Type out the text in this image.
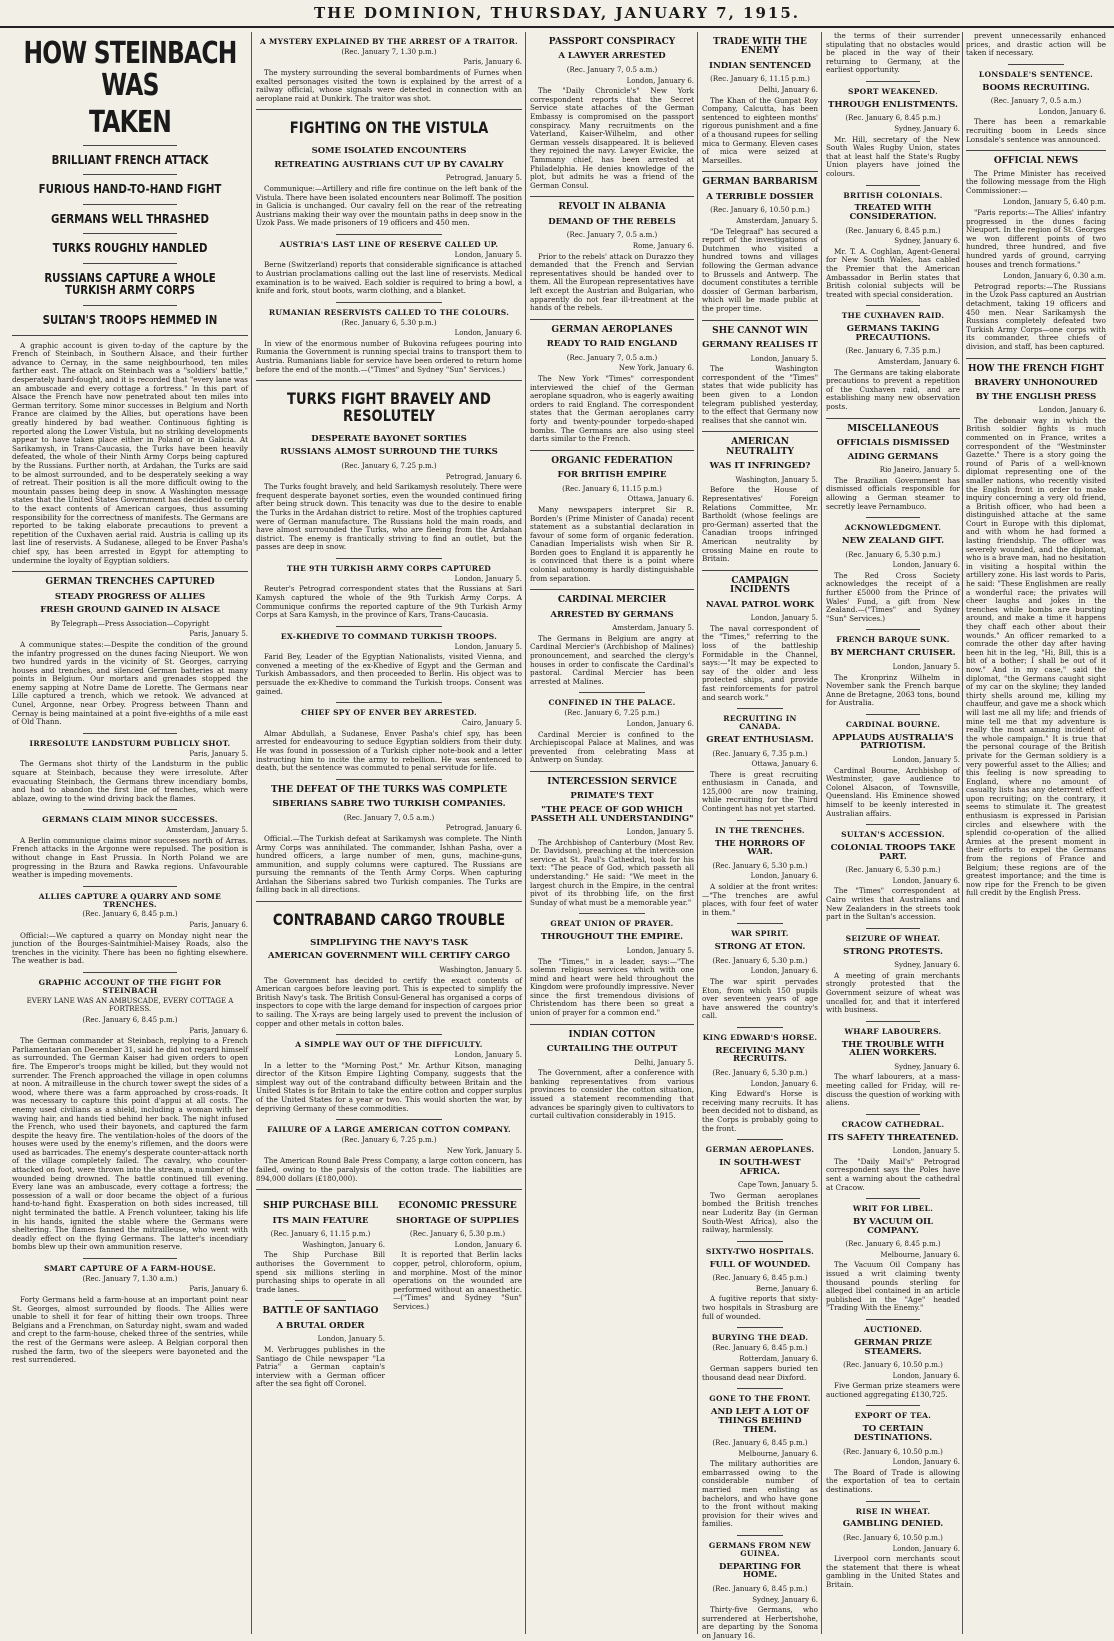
THE DOMINION, THURSDAY, JANUARY 7, 1915.
HOW STEINBACH WAS
TAKEN
BRILLIANT FRENCH ATTACK
FURIOUS HAND-TO-HAND FIGHT
GERMANS WELL THRASHED
TURKS ROUGHLY HANDLED
RUSSIANS CAPTURE A WHOLE TURKISH ARMY CORPS
SULTAN'S TROOPS HEMMED IN

A graphic account is given to-day of the capture by the French of Steinbach, in Southern Alsace, and their further advance to Cernay, in the same neighbourhood, ten miles farther east. The attack on Steinbach was a "soldiers' battle," desperately hard-fought, and it is recorded that "every lane was an ambuscade and every cottage a fortress." In this part of Alsace the French have now penetrated about ten miles into German territory. Some minor successes in Belgium and North France are claimed by the Allies, but operations have been greatly hindered by bad weather. Continuous fighting is reported along the Lower Vistula, but no striking developments appear to have taken place either in Poland or in Galicia. At Sarikamysh, in Trans-Caucasia, the Turks have been heavily defeated, the whole of their Ninth Army Corps being captured by the Russians. Further north, at Ardahan, the Turks are said to be almost surrounded, and to be desperately seeking a way of retreat. Their position is all the more difficult owing to the mountain passes being deep in snow. A Washington message states that the United States Government has decided to certify to the exact contents of American cargoes, thus assuming responsibility for the correctness of manifests. The Germans are reported to be taking elaborate precautions to prevent a repetition of the Cuxhaven aerial raid. Austria is calling up its last line of reservists. A Sudanese, alleged to be Enver Pasha's chief spy, has been arrested in Egypt for attempting to undermine the loyalty of Egyptian soldiers.

GERMAN TRENCHES CAPTURED
STEADY PROGRESS OF ALLIES
FRESH GROUND GAINED IN ALSACE
By Telegraph—Press Association—Copyright
Paris, January 5.

A communique states:—Despite the condition of the ground the infantry progressed on the dunes facing Nieuport. We won two hundred yards in the vicinity of St. Georges, carrying houses and trenches, and silenced German batteries at many points in Belgium. Our mortars and grenades stopped the enemy sapping at Notre Dame de Lorette. The Germans near Lille captured a trench, which we retook. We advanced at Cunel, Argonne, near Orbey. Progress between Thann and Cernay is being maintained at a point five-eighths of a mile east of Old Thann.

IRRESOLUTE LANDSTURM PUBLICLY SHOT.
Paris, January 5.

The Germans shot thirty of the Landsturm in the public square at Steinbach, because they were irresolute. After evacuating Steinbach, the Germans threw incendiary bombs, and had to abandon the first line of trenches, which were ablaze, owing to the wind driving back the flames.

GERMANS CLAIM MINOR SUCCESSES.
Amsterdam, January 5.

A Berlin communique claims minor successes north of Arras. French attacks in the Argonne were repulsed. The position is without change in East Prussia. In North Poland we are progressing in the Bzura and Rawka regions. Unfavourable weather is impeding movements.

ALLIES CAPTURE A QUARRY AND SOME TRENCHES.
(Rec. January 6, 8.45 p.m.)
Paris, January 6.

Official:—We captured a quarry on Monday night near the junction of the Bourges-Saintmihiel-Maisey Roads, also the trenches in the vicinity. There has been no fighting elsewhere. The weather is bad.

GRAPHIC ACCOUNT OF THE FIGHT FOR STEINBACH
EVERY LANE WAS AN AMBUSCADE, EVERY COTTAGE A FORTRESS.
(Rec. January 6, 8.45 p.m.)
Paris, January 6.

The German commander at Steinbach, replying to a French Parliamentarian on December 31, said he did not regard himself as surrounded. The German Kaiser had given orders to open fire. The Emperor's troops might be killed, but they would not surrender. The French approached the village in open columns at noon. A mitrailleuse in the church tower swept the sides of a wood, where there was a farm approached by cross-roads. It was necessary to capture this point d'appui at all costs. The enemy used civilians as a shield, including a woman with her waving hair, and hands tied behind her back. The night infused the French, who used their bayonets, and captured the farm despite the heavy fire. The ventilation-holes of the doors of the houses were used by the enemy's riflemen, and the doors were used as barricades. The enemy's desperate counter-attack north of the village completely failed. The cavalry, who counter-attacked on foot, were thrown into the stream, a number of the wounded being drowned. The battle continued till evening. Every lane was an ambuscade, every cottage a fortress; the possession of a wall or door became the object of a furious hand-to-hand fight. Exasperation on both sides increased, till night terminated the battle. A French volunteer, taking his life in his hands, ignited the stable where the Germans were sheltering. The flames fanned the mitrailleuse, who went with deadly effect on the flying Germans. The latter's incendiary bombs blew up their own ammunition reserve.

SMART CAPTURE OF A FARM-HOUSE.
(Rec. January 7, 1.30 a.m.)
Paris, January 6.

Forty Germans held a farm-house at an important point near St. Georges, almost surrounded by floods. The Allies were unable to shell it for fear of hitting their own troops. Three Belgians and a Frenchman, on Saturday night, swam and waded and crept to the farm-house, cheked three of the sentries, while the rest of the Germans were asleep. A Belgian corporal then rushed the farm, two of the sleepers were bayoneted and the rest surrendered.

A MYSTERY EXPLAINED BY THE ARREST OF A TRAITOR.
(Rec. January 7, 1.30 p.m.)
Paris, January 6.

The mystery surrounding the several bombardments of Furnes when exalted personages visited the town is explained by the arrest of a railway official, whose signals were detected in connection with an aeroplane raid at Dunkirk. The traitor was shot.

FIGHTING ON THE VISTULA
SOME ISOLATED ENCOUNTERS
RETREATING AUSTRIANS CUT UP BY CAVALRY
Petrograd, January 5.

Communique:—Artillery and rifle fire continue on the left bank of the Vistula. There have been isolated encounters near Bolimoff. The position in Galicia is unchanged. Our cavalry fell on the rear of the retreating Austrians making their way over the mountain paths in deep snow in the Uzok Pass. We made prisoners of 19 officers and 450 men.

AUSTRIA'S LAST LINE OF RESERVE CALLED UP.
London, January 5.

Berne (Switzerland) reports that considerable significance is attached to Austrian proclamations calling out the last line of reservists. Medical examination is to be waived. Each soldier is required to bring a bowl, a knife and fork, stout boots, warm clothing, and a blanket.

RUMANIAN RESERVISTS CALLED TO THE COLOURS.
(Rec. January 6, 5.30 p.m.)
London, January 6.

In view of the enormous number of Bukovina refugees pouring into Rumania the Government is running special trains to transport them to Austria. Rumanians liable for service have been ordered to return home before the end of the month.—("Times" and Sydney "Sun" Services.)

TURKS FIGHT BRAVELY AND RESOLUTELY
DESPERATE BAYONET SORTIES
RUSSIANS ALMOST SURROUND THE TURKS
(Rec. January 6, 7.25 p.m.)
Petrograd, January 6.

The Turks fought bravely, and held Sarikamysh resolutely. There were frequent desperate bayonet sorties, even the wounded continued firing after being struck down. This tenacity was due to the desire to enable the Turks in the Ardahan district to retire. Most of the trophies captured were of German manufacture. The Russians hold the main roads, and have almost surrounded the Turks, who are fleeing from the Ardahan district. The enemy is frantically striving to find an outlet, but the passes are deep in snow.

THE 9TH TURKISH ARMY CORPS CAPTURED
London, January 5.

Reuter's Petrograd correspondent states that the Russians at Sari Kamysh captured the whole of the 9th Turkish Army Corps. A Communique confirms the reported capture of the 9th Turkish Army Corps at Sara Kamysh, in the province of Kars, Trans-Caucasia.

EX-KHEDIVE TO COMMAND TURKISH TROOPS.
London, January 5.

Farid Bey, Leader of the Egyptian Nationalists, visited Vienna, and convened a meeting of the ex-Khedive of Egypt and the German and Turkish Ambassadors, and then proceeded to Berlin. His object was to persuade the ex-Khedive to command the Turkish troops. Consent was gained.

CHIEF SPY OF ENVER BEY ARRESTED.
Cairo, January 5.

Almar Abdullah, a Sudanese, Enver Pasha's chief spy, has been arrested for endeavouring to seduce Egyptian soldiers from their duty. He was found in possession of a Turkish cipher note-book and a letter instructing him to incite the army to rebellion. He was sentenced to death, but the sentence was commuted to penal servitude for life.

THE DEFEAT OF THE TURKS WAS COMPLETE
SIBERIANS SABRE TWO TURKISH COMPANIES.
(Rec. January 7, 0.5 a.m.)
Petrograd, January 6.

Official.—The Turkish defeat at Sarikamysh was complete. The Ninth Army Corps was annihilated. The commander, Ishhan Pasha, over a hundred officers, a large number of men, guns, machine-guns, ammunition, and supply columns were captured. The Russians are pursuing the remnants of the Tenth Army Corps. When capturing Ardahan the Siberians sabred two Turkish companies. The Turks are falling back in all directions.

CONTRABAND CARGO TROUBLE
SIMPLIFYING THE NAVY'S TASK
AMERICAN GOVERNMENT WILL CERTIFY CARGO
Washington, January 5.

The Government has decided to certify the exact contents of American cargoes before leaving port. This is expected to simplify the British Navy's task. The British Consul-General has organised a corps of inspectors to cope with the large demand for inspection of cargoes prior to sailing. The X-rays are being largely used to prevent the inclusion of copper and other metals in cotton bales.

A SIMPLE WAY OUT OF THE DIFFICULTY.
London, January 5.

In a letter to the "Morning Post," Mr. Arthur Kitson, managing director of the Kitson Empire Lighting Company, suggests that the simplest way out of the contraband difficulty between Britain and the United States is for Britain to take the entire cotton and copper surplus of the United States for a year or two. This would shorten the war, by depriving Germany of these commodities.

FAILURE OF A LARGE AMERICAN COTTON COMPANY.
(Rec. January 6, 7.25 p.m.)
New York, January 5.

The American Round Bale Press Company, a large cotton concern, has failed, owing to the paralysis of the cotton trade. The liabilities are 894,000 dollars (£180,000).

SHIP PURCHASE BILL
ITS MAIN FEATURE
(Rec. January 6, 11.15 p.m.)
Washington, January 6.

The Ship Purchase Bill authorises the Government to spend six millions sterling in purchasing ships to operate in all trade lanes.

BATTLE OF SANTIAGO
A BRUTAL ORDER
London, January 5.

M. Verbrugges publishes in the Santiago de Chile newspaper "La Patria" a German captain's interview with a German officer after the sea fight off Coronel.

ECONOMIC PRESSURE
SHORTAGE OF SUPPLIES
(Rec. January 6, 5.30 p.m.)
London, January 6.

It is reported that Berlin lacks copper, petrol, chloroform, opium, and morphine. Most of the minor operations on the wounded are performed without an anaesthetic.—("Times" and Sydney "Sun" Services.)

PASSPORT CONSPIRACY
A LAWYER ARRESTED
(Rec. January 7, 0.5 a.m.)
London, January 6.

The "Daily Chronicle's" New York correspondent reports that the Secret Service state attaches of the German Embassy is compromised on the passport conspiracy. Many recruitments on the Vaterland, Kaiser-Wilhelm, and other German vessels disappeared. It is believed they rejoined the navy. Lawyer Ewicke, the Tammany chief, has been arrested at Philadelphia. He denies knowledge of the plot, but admits he was a friend of the German Consul.

REVOLT IN ALBANIA
DEMAND OF THE REBELS
(Rec. January 7, 0.5 a.m.)
Rome, January 6.

Prior to the rebels' attack on Durazzo they demanded that the French and Servian representatives should be handed over to them. All the European representatives have left except the Austrian and Bulgarian, who apparently do not fear ill-treatment at the hands of the rebels.

GERMAN AEROPLANES
READY TO RAID ENGLAND
(Rec. January 7, 0.5 a.m.)
New York, January 6.

The New York "Times" correspondent interviewed the chief of the German aeroplane squadron, who is eagerly awaiting orders to raid England. The correspondent states that the German aeroplanes carry forty and twenty-pounder torpedo-shaped bombs. The Germans are also using steel darts similar to the French.

ORGANIC FEDERATION
FOR BRITISH EMPIRE
(Rec. January 6, 11.15 p.m.)
Ottawa, January 6.

Many newspapers interpret Sir R. Borden's (Prime Minister of Canada) recent statement as a substantial declaration in favour of some form of organic federation. Canadian Imperialists wish when Sir R. Borden goes to England it is apparently he is convinced that there is a point where colonial autonomy is hardly distinguishable from separation.

CARDINAL MERCIER
ARRESTED BY GERMANS
Amsterdam, January 5.

The Germans in Belgium are angry at Cardinal Mercier's (Archbishop of Malines) pronouncement, and searched the clergy's houses in order to confiscate the Cardinal's pastoral. Cardinal Mercier has been arrested at Malines.

CONFINED IN THE PALACE.
(Rec. January 6, 7.25 p.m.)
London, January 6.

Cardinal Mercier is confined to the Archiepiscopal Palace at Malines, and was prevented from celebrating Mass at Antwerp on Sunday.

INTERCESSION SERVICE
PRIMATE'S TEXT
"THE PEACE OF GOD WHICH PASSETH ALL UNDERSTANDING"
London, January 5.

The Archbishop of Canterbury (Most Rev. Dr. Davidson), preaching at the intercession service at St. Paul's Cathedral, took for his text: "The peace of God, which passeth all understanding." He said: "We meet in the largest church in the Empire, in the central pivot of its throbbing life, on the first Sunday of what must be a memorable year."

GREAT UNION OF PRAYER.
THROUGHOUT THE EMPIRE.
London, January 5.

The "Times," in a leader, says:—"The solemn religious services which with one mind and heart were held throughout the Kingdom were profoundly impressive. Never since the first tremendous divisions of Christendom has there been so great a union of prayer for a common end."

INDIAN COTTON
CURTAILING THE OUTPUT
Delhi, January 5.

The Government, after a conference with banking representatives from various provinces to consider the cotton situation, issued a statement recommending that advances be sparingly given to cultivators to curtail cultivation considerably in 1915.

TRADE WITH THE ENEMY
INDIAN SENTENCED
(Rec. January 6, 11.15 p.m.)
Delhi, January 6.

The Khan of the Gunpat Roy Company, Calcutta, has been sentenced to eighteen months' rigorous punishment and a fine of a thousand rupees for selling mica to Germany. Eleven cases of mica were seized at Marseilles.

GERMAN BARBARISM
A TERRIBLE DOSSIER
(Rec. January 6, 10.50 p.m.)
Amsterdam, January 5.

"De Telegraaf" has secured a report of the investigations of Dutchmen who visited a hundred towns and villages following the German advance to Brussels and Antwerp. The document constitutes a terrible dossier of German barbarism, which will be made public at the proper time.

SHE CANNOT WIN
GERMANY REALISES IT
London, January 5.

The Washington correspondent of the "Times" states that wide publicity has been given to a London telegram published yesterday, to the effect that Germany now realises that she cannot win.

AMERICAN NEUTRALITY
WAS IT INFRINGED?
Washington, January 5.

Before the House of Representatives' Foreign Relations Committee, Mr. Bartholdt (whose feelings are pro-German) asserted that the Canadian troops infringed American neutrality by crossing Maine en route to Britain.

CAMPAIGN INCIDENTS
NAVAL PATROL WORK
London, January 5.

The naval correspondent of the "Times," referring to the loss of the battleship Formidable in the Channel, says:—"It may be expected to say of the older and less protected ships, and provide fast reinforcements for patrol and search work."

RECRUITING IN CANADA.
GREAT ENTHUSIASM.
(Rec. January 6, 7.35 p.m.)
Ottawa, January 6.

There is great recruiting enthusiasm in Canada, and 125,000 are now training, while recruiting for the Third Contingent has not yet started.

IN THE TRENCHES.
THE HORRORS OF WAR.
(Rec. January 6, 5.30 p.m.)
London, January 6.

A soldier at the front writes:—"The trenches are awful places, with four feet of water in them."

WAR SPIRIT.
STRONG AT ETON.
(Rec. January 6, 5.30 p.m.)
London, January 6.

The war spirit pervades Eton, from which 150 pupils over seventeen years of age have answered the country's call.

KING EDWARD'S HORSE.
RECEIVING MANY RECRUITS.
(Rec. January 6, 5.30 p.m.)
London, January 6.

King Edward's Horse is receiving many recruits. It has been decided not to disband, as the Corps is probably going to the front.

GERMAN AEROPLANES.
IN SOUTH-WEST AFRICA.
Cape Town, January 5.

Two German aeroplanes bombed the British trenches near Luderitz Bay (in German South-West Africa), also the railway, harmlessly.

SIXTY-TWO HOSPITALS.
FULL OF WOUNDED.
(Rec. January 6, 8.45 p.m.)
Berne, January 6.

A fugitive reports that sixty-two hospitals in Strasburg are full of wounded.

BURYING THE DEAD.
(Rec. January 6, 8.45 p.m.)
Rotterdam, January 6.

German sappers buried ten thousand dead near Dixford.

GONE TO THE FRONT.
AND LEFT A LOT OF THINGS BEHIND THEM.
(Rec. January 6, 8.45 p.m.)
Melbourne, January 6.

The military authorities are embarrassed owing to the considerable number of married men enlisting as bachelors, and who have gone to the front without making provision for their wives and families.

GERMANS FROM NEW GUINEA.
DEPARTING FOR HOME.
(Rec. January 6, 8.45 p.m.)
Sydney, January 6.

Thirty-five Germans, who surrendered at Herbertshohe, are departing by the Sonoma on January 16.

the terms of their surrender stipulating that no obstacles would be placed in the way of their returning to Germany, at the earliest opportunity.

SPORT WEAKENED.
THROUGH ENLISTMENTS.
(Rec. January 6, 8.45 p.m.)
Sydney, January 6.

Mr. Hill, secretary of the New South Wales Rugby Union, states that at least half the State's Rugby Union players have joined the colours.

BRITISH COLONIALS.
TREATED WITH CONSIDERATION.
(Rec. January 6, 8.45 p.m.)
Sydney, January 6.

Mr. T. A. Coghlan, Agent-General for New South Wales, has cabled the Premier that the American Ambassador in Berlin states that British colonial subjects will be treated with special consideration.

THE CUXHAVEN RAID.
GERMANS TAKING PRECAUTIONS.
(Rec. January 6, 7.35 p.m.)
Amsterdam, January 6.

The Germans are taking elaborate precautions to prevent a repetition of the Cuxhaven raid, and are establishing many new observation posts.

MISCELLANEOUS
OFFICIALS DISMISSED
AIDING GERMANS
Rio Janeiro, January 5.

The Brazilian Government has dismissed officials responsible for allowing a German steamer to secretly leave Pernambuco.

ACKNOWLEDGMENT.
NEW ZEALAND GIFT.
(Rec. January 6, 5.30 p.m.)
London, January 6.

The Red Cross Society acknowledges the receipt of a further £5000 from the Prince of Wales' Fund, a gift from New Zealand.—("Times" and Sydney "Sun" Services.)

FRENCH BARQUE SUNK.
BY MERCHANT CRUISER.
London, January 5.

The Kronprinz Wilhelm in November sank the French barque Anne de Bretagne, 2063 tons, bound for Australia.

CARDINAL BOURNE.
APPLAUDS AUSTRALIA'S PATRIOTISM.
London, January 5.

Cardinal Bourne, Archbishop of Westminster, gave audience to Colonel Alsacon, of Townsville, Queensland. His Eminence showed himself to be keenly interested in Australian affairs.

SULTAN'S ACCESSION.
COLONIAL TROOPS TAKE PART.
(Rec. January 6, 5.30 p.m.)
London, January 6.

The "Times" correspondent at Cairo writes that Australians and New Zealanders in the streets took part in the Sultan's accession.

SEIZURE OF WHEAT.
STRONG PROTESTS.
Sydney, January 6.

A meeting of grain merchants strongly protested that the Government seizure of wheat was uncalled for, and that it interfered with business.

WHARF LABOURERS.
THE TROUBLE WITH ALIEN WORKERS.
Sydney, January 6.

The wharf labourers, at a mass-meeting called for Friday, will re-discuss the question of working with aliens.

CRACOW CATHEDRAL.
ITS SAFETY THREATENED.
London, January 5.

The "Daily Mail's" Petrograd correspondent says the Poles have sent a warning about the cathedral at Cracow.

WRIT FOR LIBEL.
BY VACUUM OIL COMPANY.
(Rec. January 6, 8.45 p.m.)
Melbourne, January 6.

The Vacuum Oil Company has issued a writ claiming twenty thousand pounds sterling for alleged libel contained in an article published in the "Age" headed "Trading With the Enemy."

AUCTIONED.
GERMAN PRIZE STEAMERS.
(Rec. January 6, 10.50 p.m.)
London, January 6.

Five German prize steamers were auctioned aggregating £130,725.

EXPORT OF TEA.
TO CERTAIN DESTINATIONS.
(Rec. January 6, 10.50 p.m.)
London, January 6.

The Board of Trade is allowing the exportation of tea to certain destinations.

RISE IN WHEAT.
GAMBLING DENIED.
(Rec. January 6, 10.50 p.m.)
London, January 6.

Liverpool corn merchants scout the statement that there is wheat gambling in the United States and Britain.

prevent unnecessarily enhanced prices, and drastic action will be taken if necessary.

LONSDALE'S SENTENCE.
BOOMS RECRUITING.
(Rec. January 7, 0.5 a.m.)
London, January 6.

There has been a remarkable recruiting boom in Leeds since Lonsdale's sentence was announced.

OFFICIAL NEWS

The Prime Minister has received the following message from the High Commissioner:—

London, January 5, 6.40 p.m.

"Paris reports:—The Allies' infantry progressed in the dunes facing Nieuport. In the region of St. Georges we won different points of two hundred, three hundred, and five hundred yards of ground, carrying houses and trench formations."

London, January 6, 0.30 a.m.

Petrograd reports:—The Russians in the Uzok Pass captured an Austrian detachment, taking 19 officers and 450 men. Near Sarikamysh the Russians completely defeated two Turkish Army Corps—one corps with its commander, three chiefs of division, and staff, has been captured.

HOW THE FRENCH FIGHT
BRAVERY UNHONOURED
BY THE ENGLISH PRESS
London, January 6.

The debonair way in which the British soldier fights is much commented on in France, writes a correspondent of the "Westminster Gazette." There is a story going the round of Paris of a well-known diplomat representing one of the smaller nations, who recently visited the English front in order to make inquiry concerning a very old friend, a British officer, who had been a distinguished attache at the same Court in Europe with this diplomat, and with whom he had formed a lasting friendship. The officer was severely wounded, and the diplomat, who is a brave man, had no hesitation in visiting a hospital within the artillery zone. His last words to Paris, he said: "These Englishmen are really a wonderful race; the privates will cheer laughs and jokes in the trenches while bombs are bursting around, and make a time it happens they chaff each other about their wounds." An officer remarked to a comrade the other day after having been hit in the leg, "Hi, Bill, this is a bit of a bother; I shall be out of it now." And in my case," said the diplomat, "the Germans caught sight of my car on the skyline; they landed thirty shells around me, killing my chauffeur, and gave me a shock which will last me all my life; and friends of mine tell me that my adventure is really the most amazing incident of the whole campaign." It is true that the personal courage of the British private for the German soldiery is a very powerful asset to the Allies; and this feeling is now spreading to England, where no amount of casualty lists has any deterrent effect upon recruiting; on the contrary, it seems to stimulate it. The greatest enthusiasm is expressed in Parisian circles and elsewhere with the splendid co-operation of the allied Armies at the present moment in their efforts to expel the Germans from the regions of France and Belgium; these regions are of the greatest importance; and the time is now ripe for the French to be given full credit by the English Press.
